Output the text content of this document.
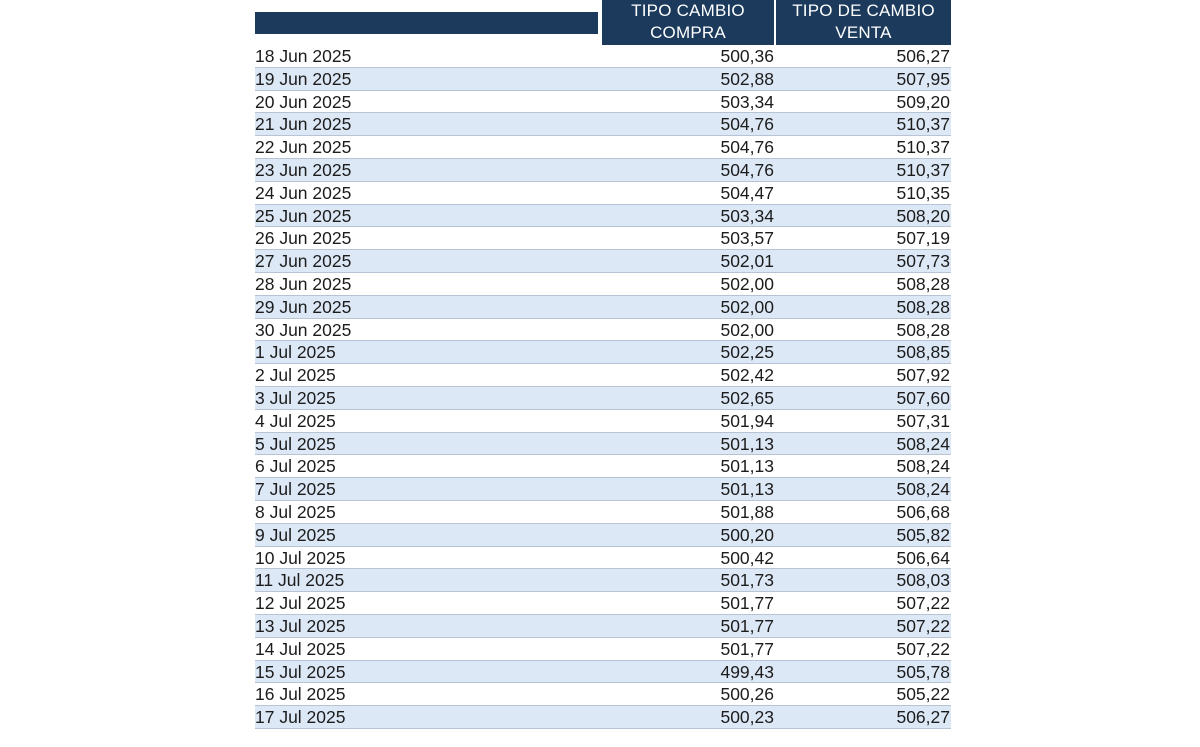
TIPO CAMBIO
COMPRA
TIPO DE CAMBIO
VENTA
18 Jun 2025	500,36	506,27
19 Jun 2025	502,88	507,95
20 Jun 2025	503,34	509,20
21 Jun 2025	504,76	510,37
22 Jun 2025	504,76	510,37
23 Jun 2025	504,76	510,37
24 Jun 2025	504,47	510,35
25 Jun 2025	503,34	508,20
26 Jun 2025	503,57	507,19
27 Jun 2025	502,01	507,73
28 Jun 2025	502,00	508,28
29 Jun 2025	502,00	508,28
30 Jun 2025	502,00	508,28
1 Jul 2025	502,25	508,85
2 Jul 2025	502,42	507,92
3 Jul 2025	502,65	507,60
4 Jul 2025	501,94	507,31
5 Jul 2025	501,13	508,24
6 Jul 2025	501,13	508,24
7 Jul 2025	501,13	508,24
8 Jul 2025	501,88	506,68
9 Jul 2025	500,20	505,82
10 Jul 2025	500,42	506,64
11 Jul 2025	501,73	508,03
12 Jul 2025	501,77	507,22
13 Jul 2025	501,77	507,22
14 Jul 2025	501,77	507,22
15 Jul 2025	499,43	505,78
16 Jul 2025	500,26	505,22
17 Jul 2025	500,23	506,27
